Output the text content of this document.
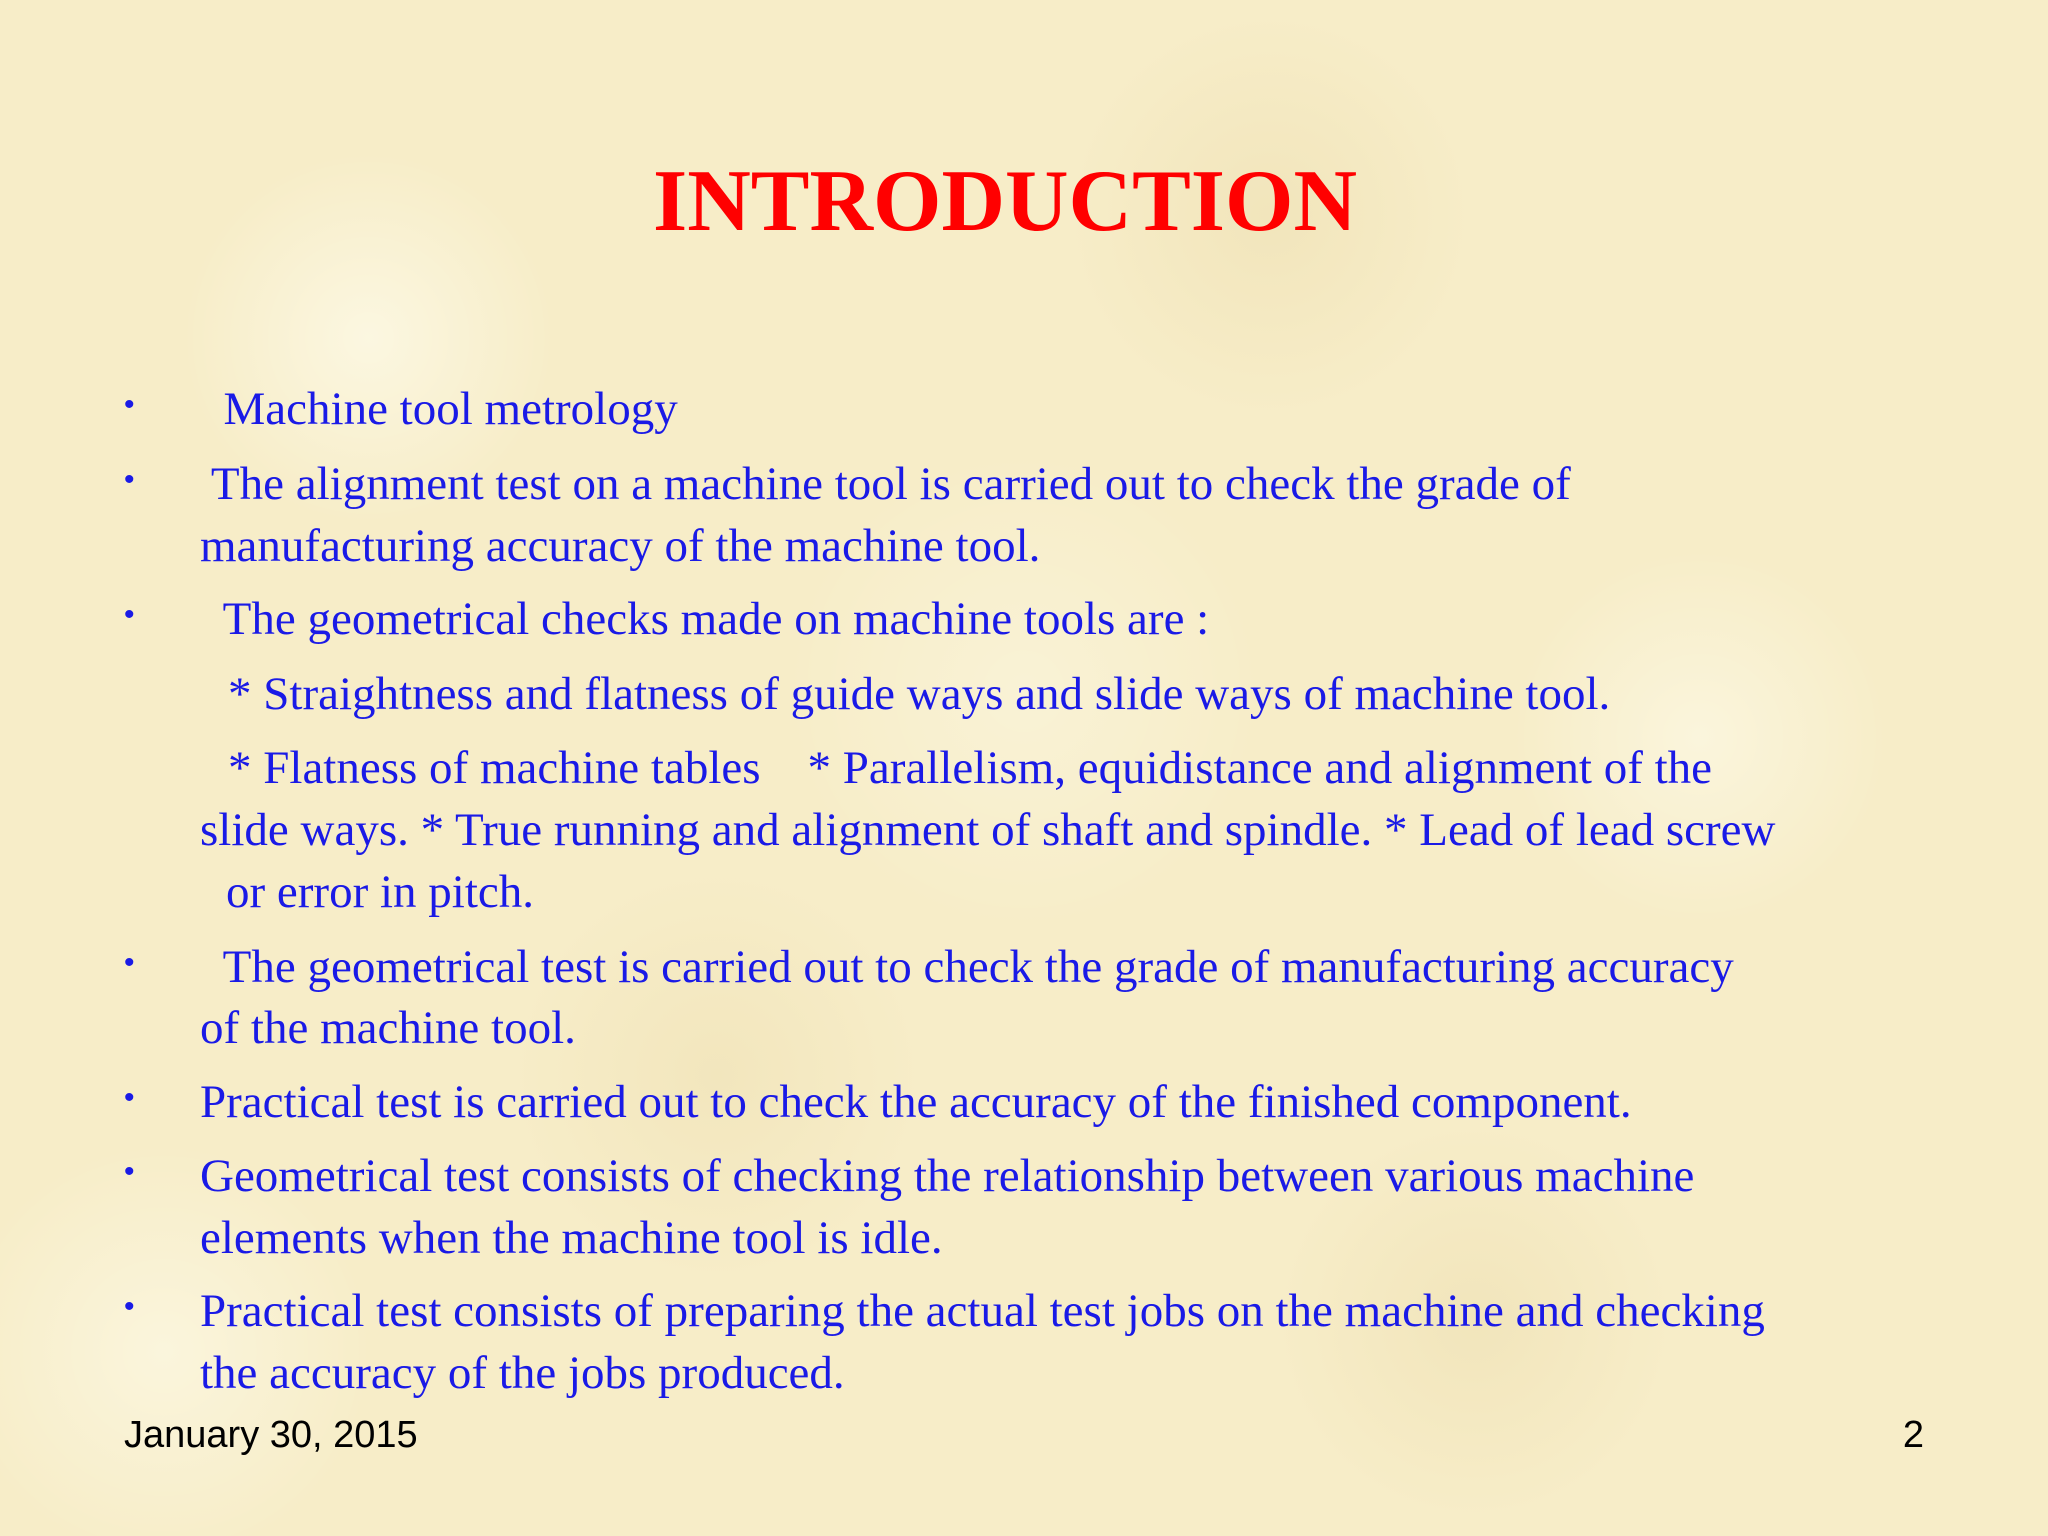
INTRODUCTION
• Machine tool metrology

• The alignment test on a machine tool is carried out to check the grade of

manufacturing accuracy of the machine tool.

• The geometrical checks made on machine tools are :

* Straightness and flatness of guide ways and slide ways of machine tool.

* Flatness of machine tables    * Parallelism, equidistance and alignment of the

slide ways. * True running and alignment of shaft and spindle. * Lead of lead screw

or error in pitch.

• The geometrical test is carried out to check the grade of manufacturing accuracy

of the machine tool.

• Practical test is carried out to check the accuracy of the finished component.

• Geometrical test consists of checking the relationship between various machine

elements when the machine tool is idle.

• Practical test consists of preparing the actual test jobs on the machine and checking

the accuracy of the jobs produced.

January 30, 2015	2
